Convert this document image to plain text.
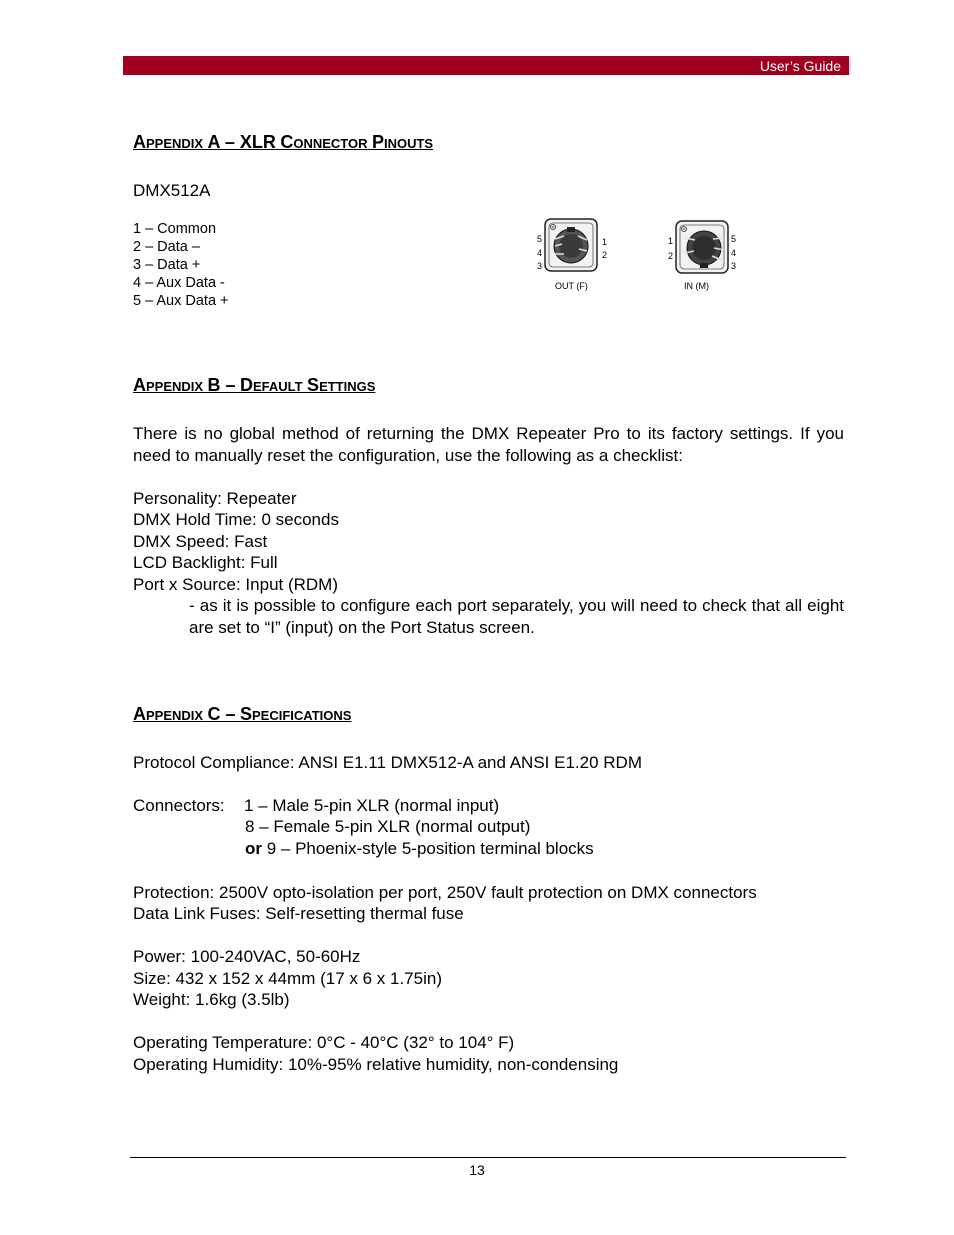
User’s Guide
APPENDIX A – XLR CONNECTOR PINOUTS
DMX512A
1 – Common
2 – Data –
3 – Data +
4 – Aux Data -
5 – Aux Data +
5
4
3
1
2
OUT (F)
1
2
5
4
3
IN (M)
APPENDIX B – DEFAULT SETTINGS
There is no global method of returning the DMX Repeater Pro to its factory settings. If you need to manually reset the configuration, use the following as a checklist:
Personality: Repeater
DMX Hold Time: 0 seconds
DMX Speed: Fast
LCD Backlight: Full
Port x Source: Input (RDM)
- as it is possible to configure each port separately, you will need to check that all eight are set to “I” (input) on the Port Status screen.
APPENDIX C – SPECIFICATIONS
Protocol Compliance: ANSI E1.11 DMX512-A and ANSI E1.20 RDM
Connectors: 1 – Male 5-pin XLR (normal input)
8 – Female 5-pin XLR (normal output)
or 9 – Phoenix-style 5-position terminal blocks
Protection: 2500V opto-isolation per port, 250V fault protection on DMX connectors
Data Link Fuses: Self-resetting thermal fuse
Power: 100-240VAC, 50-60Hz
Size: 432 x 152 x 44mm (17 x 6 x 1.75in)
Weight: 1.6kg (3.5lb)
Operating Temperature: 0°C - 40°C (32° to 104° F)
Operating Humidity: 10%-95% relative humidity, non-condensing
13
